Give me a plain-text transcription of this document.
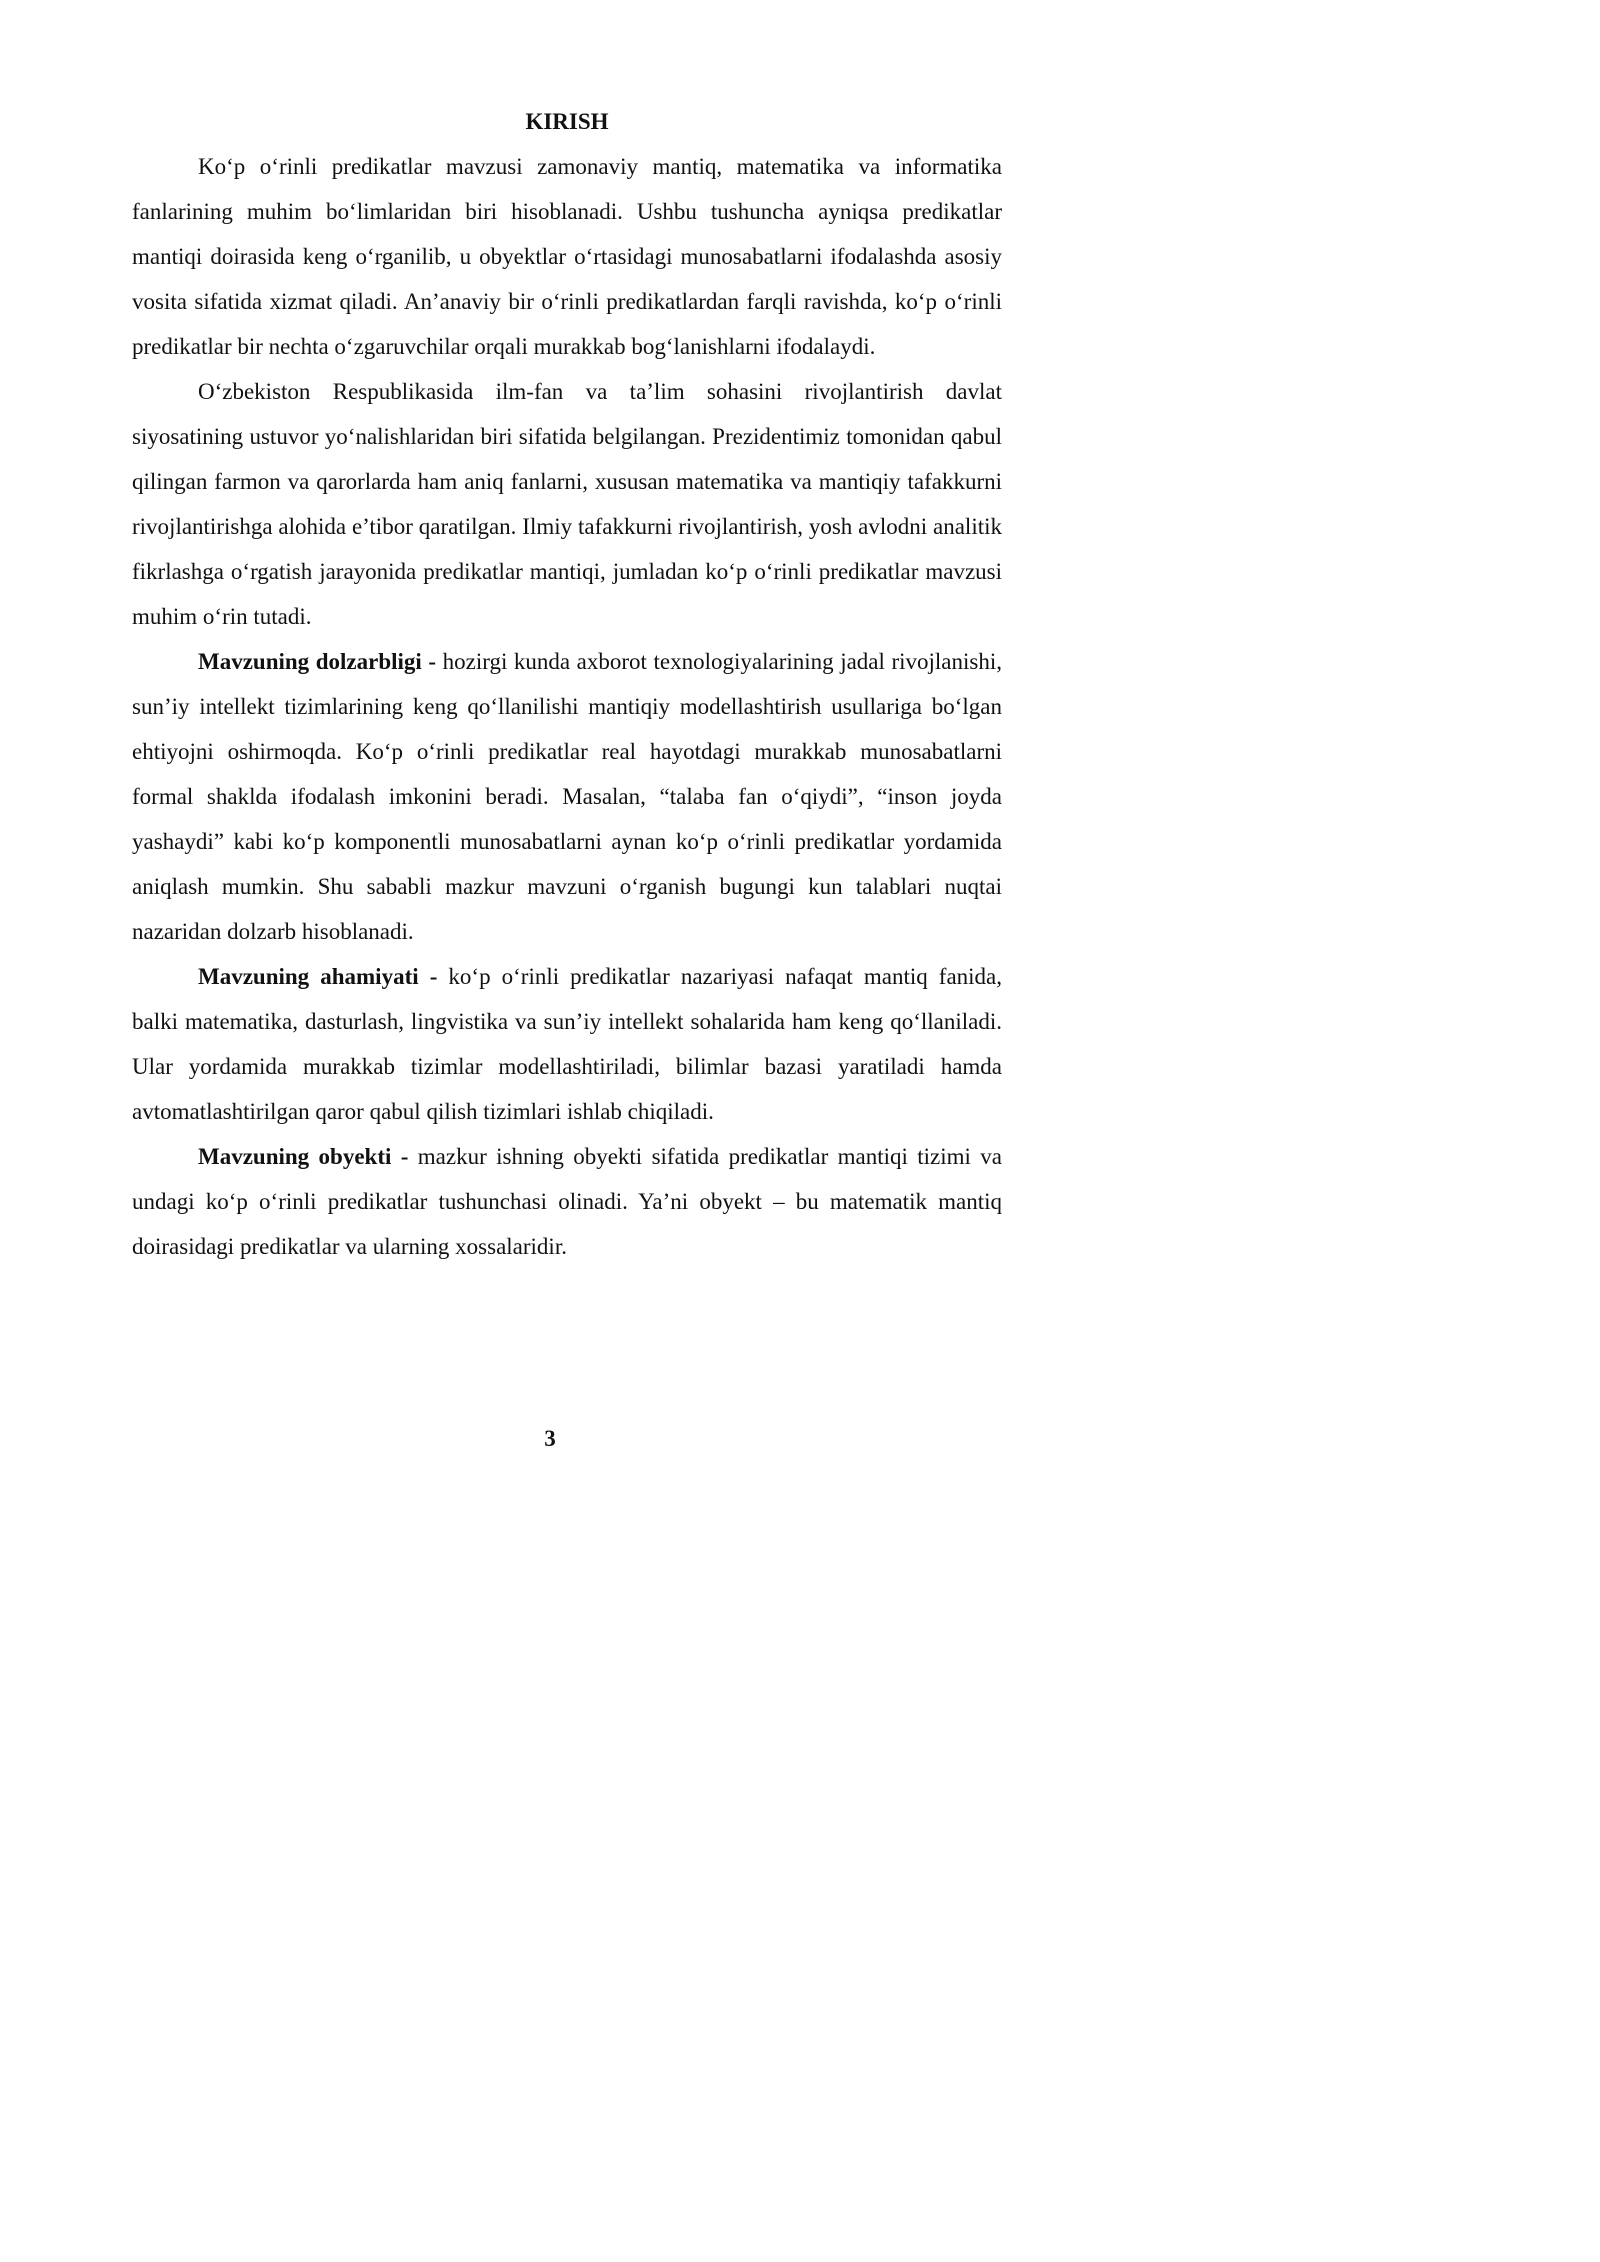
KIRISH

Ko‘p o‘rinli predikatlar mavzusi zamonaviy mantiq, matematika va informatika fanlarining muhim bo‘limlaridan biri hisoblanadi. Ushbu tushuncha ayniqsa predikatlar mantiqi doirasida keng o‘rganilib, u obyektlar o‘rtasidagi munosabatlarni ifodalashda asosiy vosita sifatida xizmat qiladi. An’anaviy bir o‘rinli predikatlardan farqli ravishda, ko‘p o‘rinli predikatlar bir nechta o‘zgaruvchilar orqali murakkab bog‘lanishlarni ifodalaydi.

O‘zbekiston Respublikasida ilm-fan va ta’lim sohasini rivojlantirish davlat siyosatining ustuvor yo‘nalishlaridan biri sifatida belgilangan. Prezidentimiz tomonidan qabul qilingan farmon va qarorlarda ham aniq fanlarni, xususan matematika va mantiqiy tafakkurni rivojlantirishga alohida e’tibor qaratilgan. Ilmiy tafakkurni rivojlantirish, yosh avlodni analitik fikrlashga o‘rgatish jarayonida predikatlar mantiqi, jumladan ko‘p o‘rinli predikatlar mavzusi muhim o‘rin tutadi.

Mavzuning dolzarbligi - hozirgi kunda axborot texnologiyalarining jadal rivojlanishi, sun’iy intellekt tizimlarining keng qo‘llanilishi mantiqiy modellashtirish usullariga bo‘lgan ehtiyojni oshirmoqda. Ko‘p o‘rinli predikatlar real hayotdagi murakkab munosabatlarni formal shaklda ifodalash imkonini beradi. Masalan, “talaba fan o‘qiydi”, “inson joyda yashaydi” kabi ko‘p komponentli munosabatlarni aynan ko‘p o‘rinli predikatlar yordamida aniqlash mumkin. Shu sababli mazkur mavzuni o‘rganish bugungi kun talablari nuqtai nazaridan dolzarb hisoblanadi.

Mavzuning ahamiyati - ko‘p o‘rinli predikatlar nazariyasi nafaqat mantiq fanida, balki matematika, dasturlash, lingvistika va sun’iy intellekt sohalarida ham keng qo‘llaniladi. Ular yordamida murakkab tizimlar modellashtiriladi, bilimlar bazasi yaratiladi hamda avtomatlashtirilgan qaror qabul qilish tizimlari ishlab chiqiladi.

Mavzuning obyekti - mazkur ishning obyekti sifatida predikatlar mantiqi tizimi va undagi ko‘p o‘rinli predikatlar tushunchasi olinadi. Ya’ni obyekt – bu matematik mantiq doirasidagi predikatlar va ularning xossalaridir.

3
